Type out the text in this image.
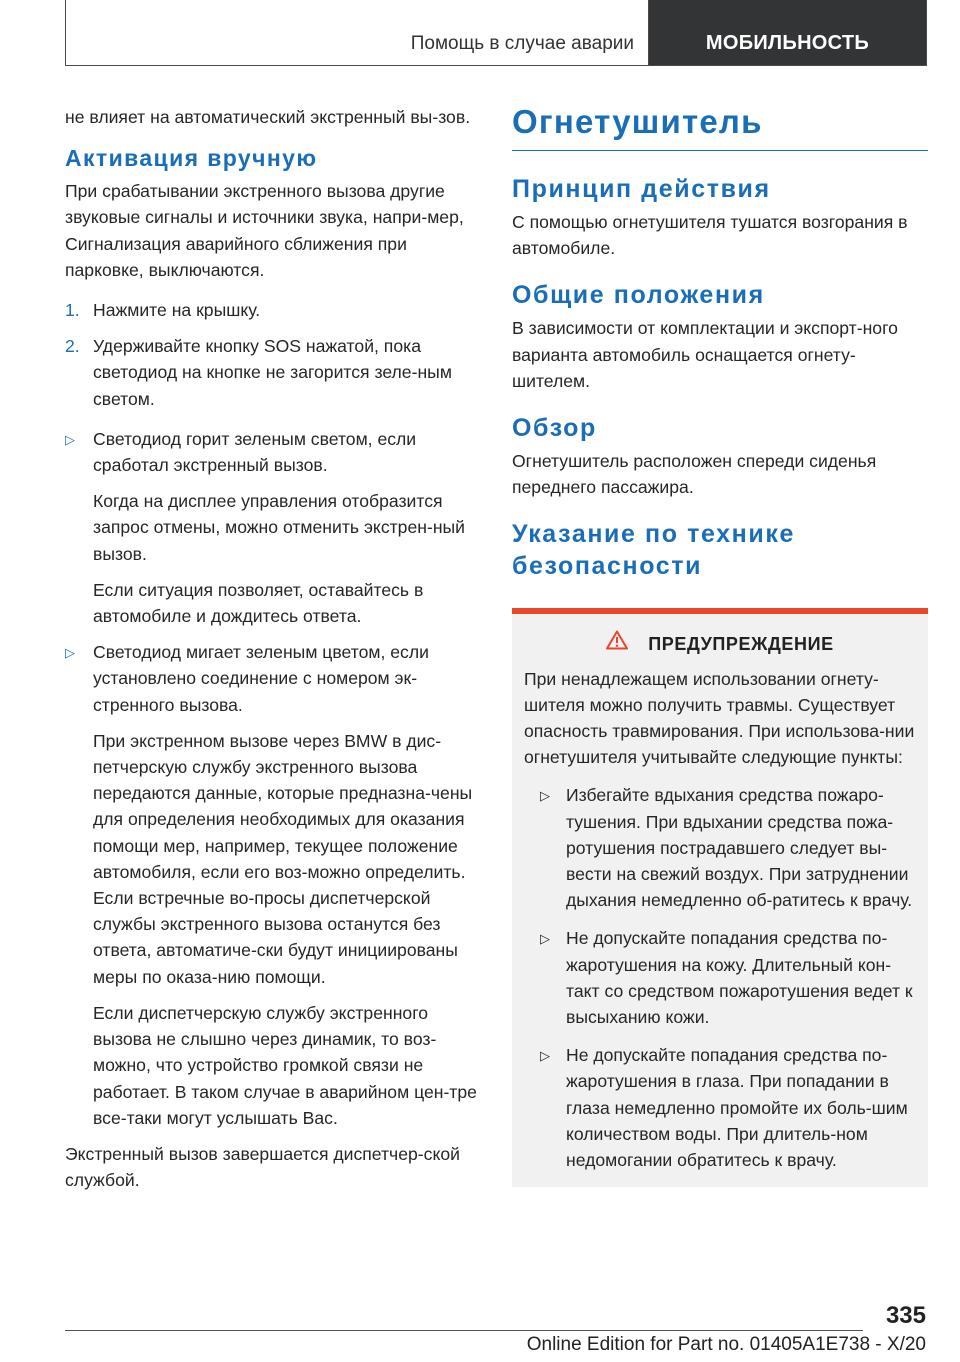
Помощь в случае аварии	МОБИЛЬНОСТЬ

не влияет на автоматический экстренный вы-зов.

Активация вручную

При срабатывании экстренного вызова другие звуковые сигналы и источники звука, напри-мер, Сигнализация аварийного сближения при парковке, выключаются.

1. Нажмите на крышку.
2. Удерживайте кнопку SOS нажатой, пока светодиод на кнопке не загорится зеле-ным светом.
▷	Светодиод горит зеленым светом, если сработал экстренный вызов.

Когда на дисплее управления отобразится запрос отмены, можно отменить экстрен-ный вызов.

Если ситуация позволяет, оставайтесь в автомобиле и дождитесь ответа.

▷	Светодиод мигает зеленым цветом, если установлено соединение с номером эк-стренного вызова.

При экстренном вызове через BMW в дис-петчерскую службу экстренного вызова передаются данные, которые предназна-чены для определения необходимых для оказания помощи мер, например, текущее положение автомобиля, если его воз-можно определить. Если встречные во-просы диспетчерской службы экстренного вызова останутся без ответа, автоматиче-ски будут инициированы меры по оказа-нию помощи.

Если диспетчерскую службу экстренного вызова не слышно через динамик, то воз-можно, что устройство громкой связи не работает. В таком случае в аварийном цен-тре все-таки могут услышать Вас.

Экстренный вызов завершается диспетчер-ской службой.

Огнетушитель
Принцип действия

С помощью огнетушителя тушатся возгорания в автомобиле.

Общие положения

В зависимости от комплектации и экспорт-ного варианта автомобиль оснащается огнету-шителем.

Обзор

Огнетушитель расположен спереди сиденья переднего пассажира.

Указание по технике
безопасности
ПРЕДУПРЕЖДЕНИЕ

При ненадлежащем использовании огнету-шителя можно получить травмы. Существует опасность травмирования. При использова-нии огнетушителя учитывайте следующие пункты:

▷ Избегайте вдыхания средства пожаро-тушения. При вдыхании средства пожа-ротушения пострадавшего следует вы-вести на свежий воздух. При затруднении дыхания немедленно об-ратитесь к врачу.
▷ Не допускайте попадания средства по-жаротушения на кожу. Длительный кон-такт со средством пожаротушения ведет к высыханию кожи.
▷ Не допускайте попадания средства по-жаротушения в глаза. При попадании в глаза немедленно промойте их боль-шим количеством воды. При длитель-ном недомогании обратитесь к врачу.
335
Online Edition for Part no. 01405A1E738 - X/20
